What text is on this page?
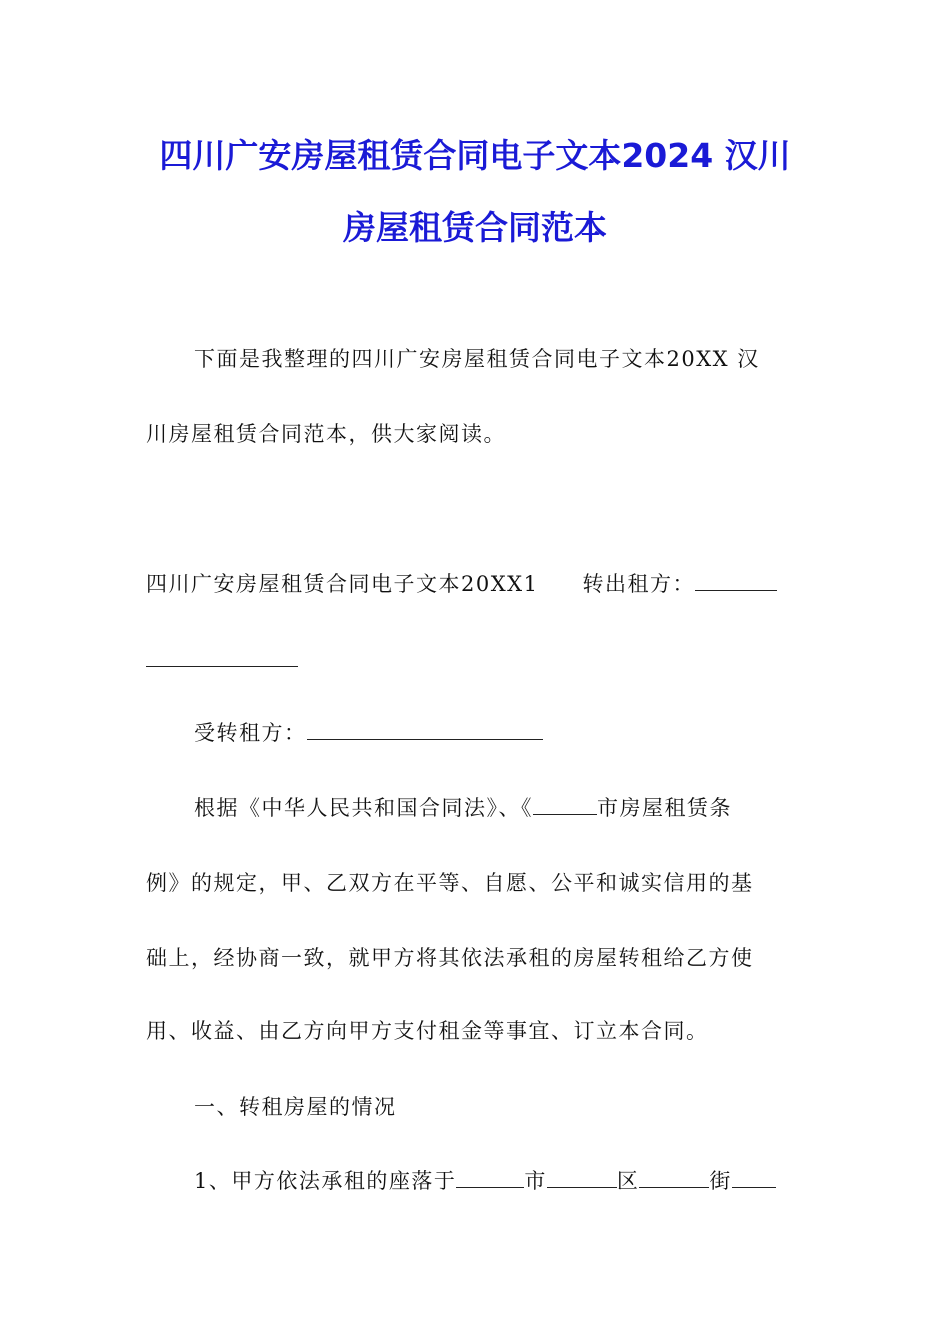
四川广安房屋租赁合同电子文本2024 汉川
房屋租赁合同范本

下面是我整理的四川广安房屋租赁合同电子文本20XX 汉

川房屋租赁合同范本，供大家阅读。

四川广安房屋租赁合同电子文本20XX1 转出租方：

受转租方：

根据《中华人民共和国合同法》、《	市房屋租赁条

例》的规定，甲、乙双方在平等、自愿、公平和诚实信用的基

础上，经协商一致，就甲方将其依法承租的房屋转租给乙方使

用、收益、由乙方向甲方支付租金等事宜、订立本合同。

一、转租房屋的情况

1、甲方依法承租的座落于	市	区	街
